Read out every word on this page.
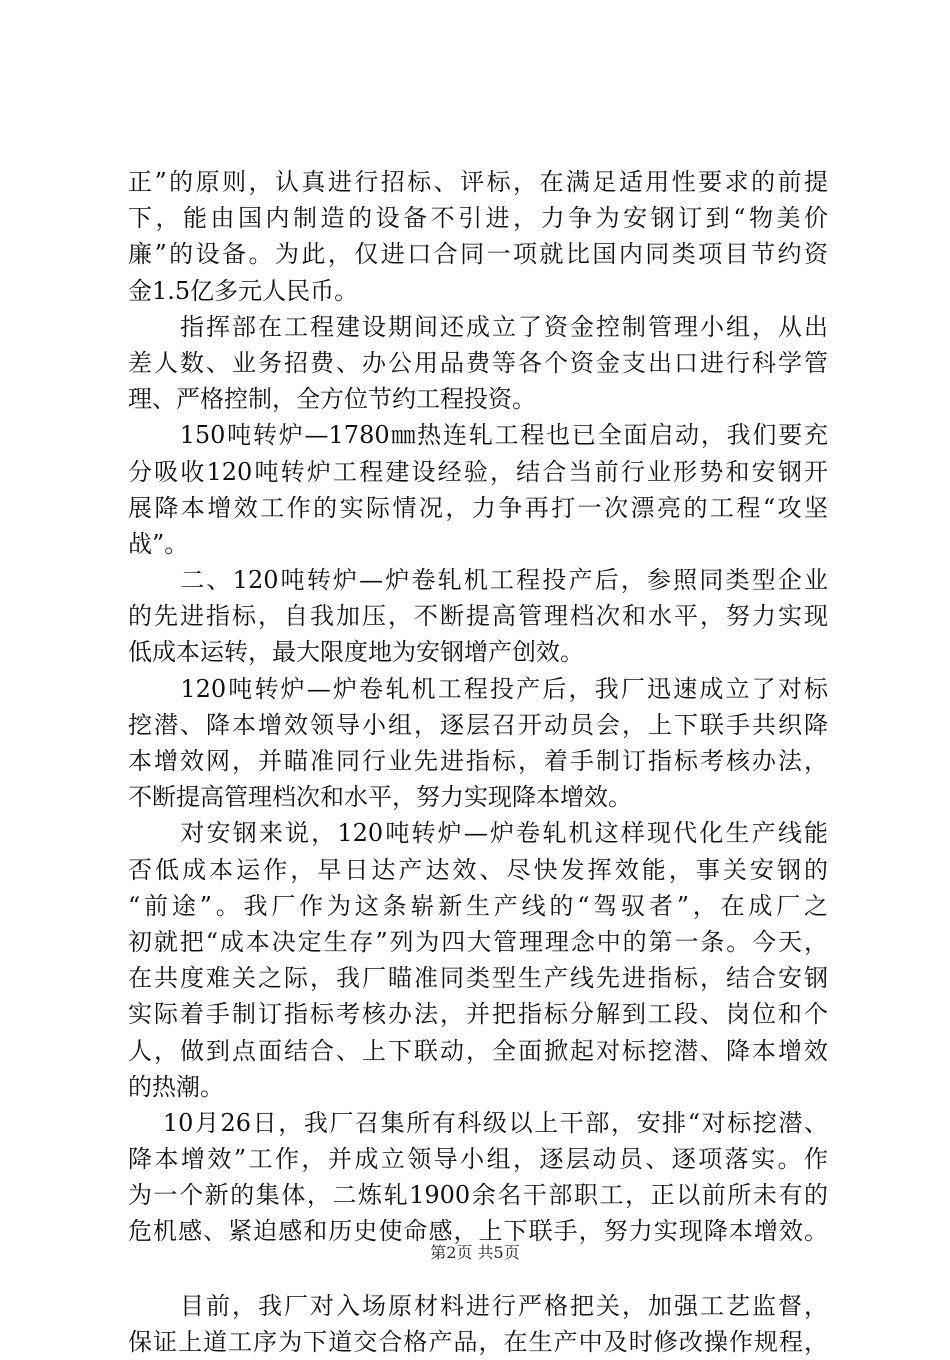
正”的原则，认真进行招标、评标，在满足适用性要求的前提
下，能由国内制造的设备不引进，力争为安钢订到“物美价
廉”的设备。为此，仅进口合同一项就比国内同类项目节约资
金1.5亿多元人民币。
　　指挥部在工程建设期间还成立了资金控制管理小组，从出
差人数、业务招费、办公用品费等各个资金支出口进行科学管
理、严格控制，全方位节约工程投资。
　　150吨转炉—1780㎜热连轧工程也已全面启动，我们要充
分吸收120吨转炉工程建设经验，结合当前行业形势和安钢开
展降本增效工作的实际情况，力争再打一次漂亮的工程“攻坚
战”。
　　二、120吨转炉—炉卷轧机工程投产后，参照同类型企业
的先进指标，自我加压，不断提高管理档次和水平，努力实现
低成本运转，最大限度地为安钢增产创效。
　　120吨转炉—炉卷轧机工程投产后，我厂迅速成立了对标
挖潜、降本增效领导小组，逐层召开动员会，上下联手共织降
本增效网，并瞄准同行业先进指标，着手制订指标考核办法，
不断提高管理档次和水平，努力实现降本增效。
　　对安钢来说，120吨转炉—炉卷轧机这样现代化生产线能
否低成本运作，早日达产达效、尽快发挥效能，事关安钢的
“前途”。我厂作为这条崭新生产线的“驾驭者”，在成厂之
初就把“成本决定生存”列为四大管理理念中的第一条。今天，
在共度难关之际，我厂瞄准同类型生产线先进指标，结合安钢
实际着手制订指标考核办法，并把指标分解到工段、岗位和个
人，做到点面结合、上下联动，全面掀起对标挖潜、降本增效
的热潮。
　 10月26日，我厂召集所有科级以上干部，安排“对标挖潜、
降本增效”工作，并成立领导小组，逐层动员、逐项落实。作
为一个新的集体，二炼轧1900余名干部职工，正以前所未有的
危机感、紧迫感和历史使命感，上下联手，努力实现降本增效。
　　目前，我厂对入场原材料进行严格把关，加强工艺监督，
保证上道工序为下道交合格产品，在生产中及时修改操作规程，
第2页 共5页
